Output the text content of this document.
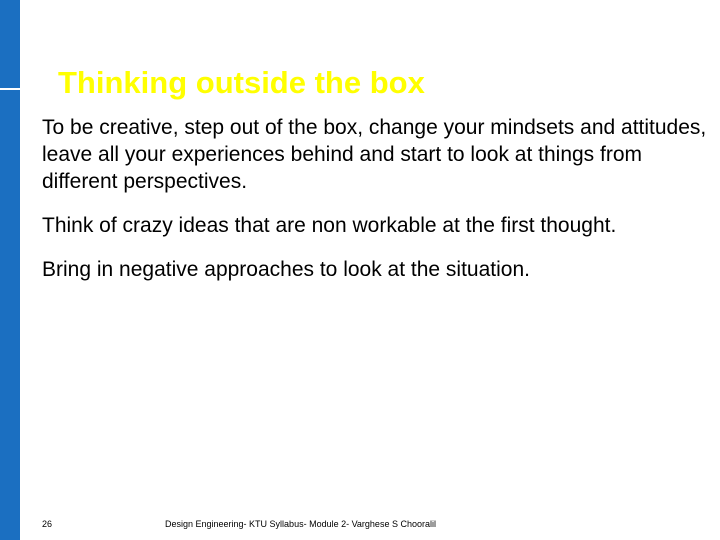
Thinking outside the box

To be creative, step out of the box, change your mindsets and attitudes, leave all your experiences behind and start to look at things from different perspectives.

Think of crazy ideas that are non workable at the first thought.

Bring in negative approaches to look at the situation.

26	Design Engineering- KTU Syllabus- Module 2- Varghese S Chooralil
